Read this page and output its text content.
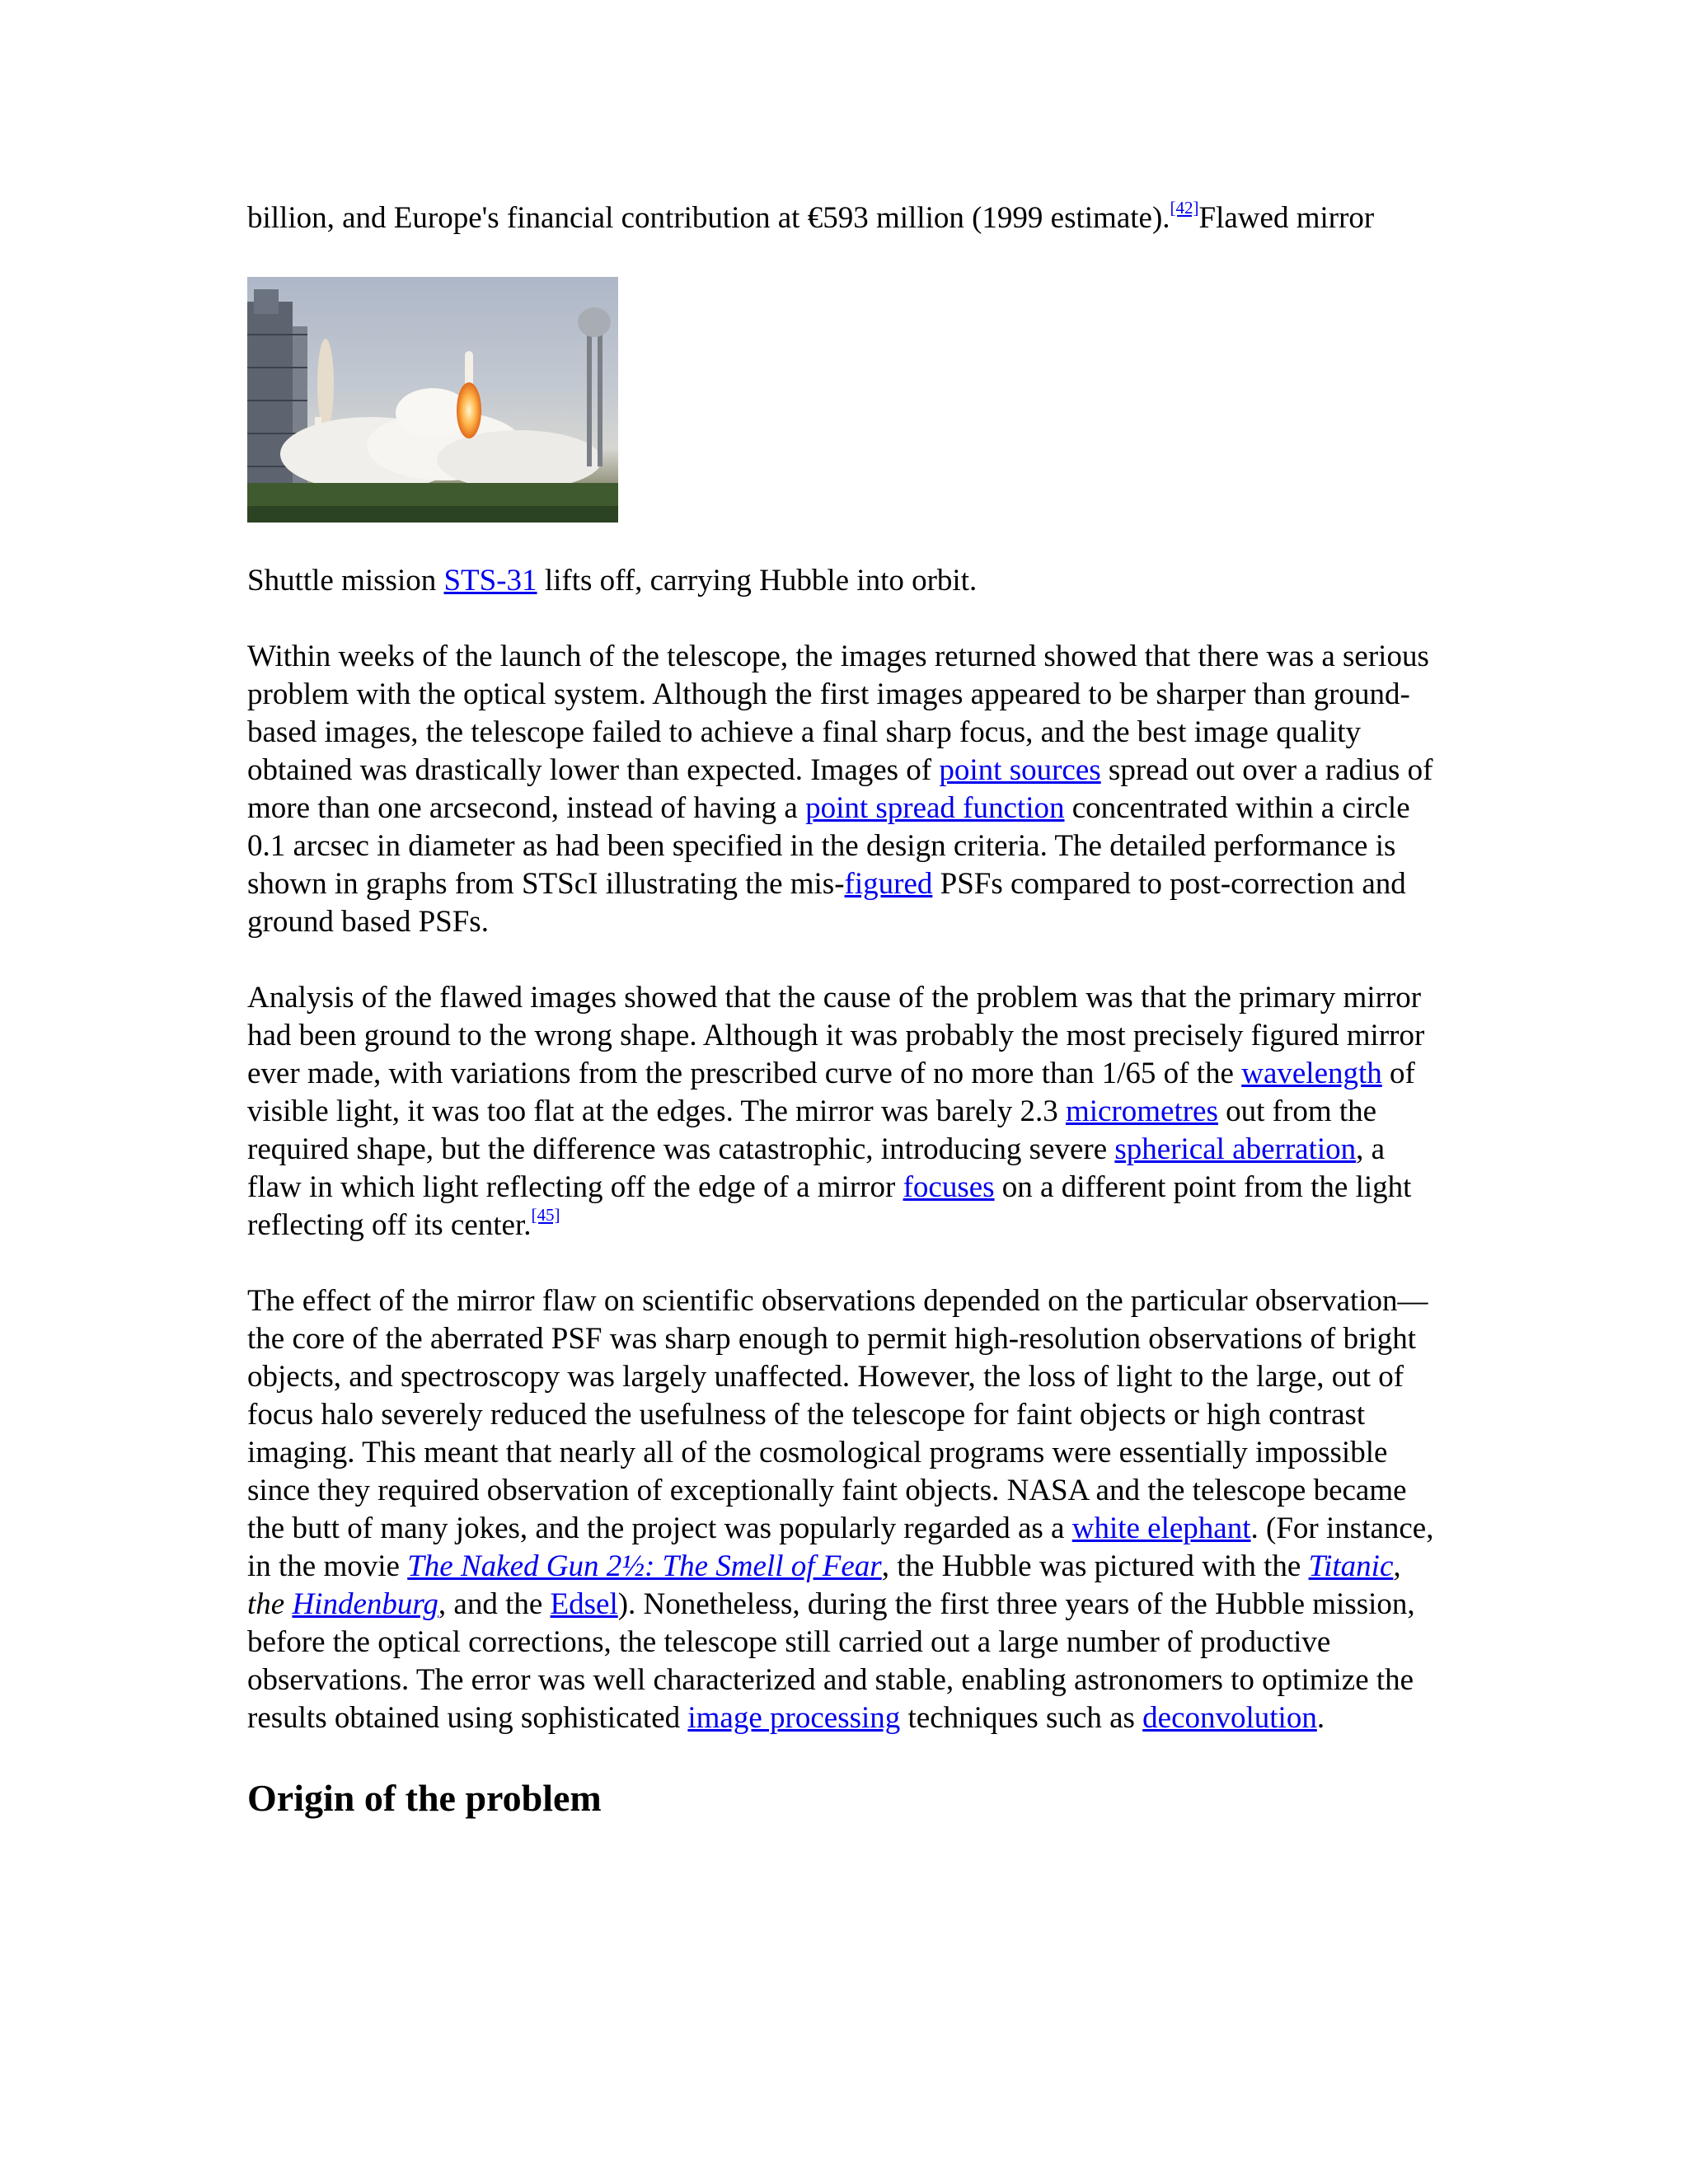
billion, and Europe's financial contribution at €593 million (1999 estimate).[42]Flawed mirror

Shuttle mission STS-31 lifts off, carrying Hubble into orbit.

Within weeks of the launch of the telescope, the images returned showed that there was a serious problem with the optical system. Although the first images appeared to be sharper than ground-based images, the telescope failed to achieve a final sharp focus, and the best image quality obtained was drastically lower than expected. Images of point sources spread out over a radius of more than one arcsecond, instead of having a point spread function concentrated within a circle 0.1 arcsec in diameter as had been specified in the design criteria. The detailed performance is shown in graphs from STScI illustrating the mis-figured PSFs compared to post-correction and ground based PSFs.

Analysis of the flawed images showed that the cause of the problem was that the primary mirror had been ground to the wrong shape. Although it was probably the most precisely figured mirror ever made, with variations from the prescribed curve of no more than 1/65 of the wavelength of visible light, it was too flat at the edges. The mirror was barely 2.3 micrometres out from the required shape, but the difference was catastrophic, introducing severe spherical aberration, a flaw in which light reflecting off the edge of a mirror focuses on a different point from the light reflecting off its center.[45]

The effect of the mirror flaw on scientific observations depended on the particular observation—the core of the aberrated PSF was sharp enough to permit high-resolution observations of bright objects, and spectroscopy was largely unaffected. However, the loss of light to the large, out of focus halo severely reduced the usefulness of the telescope for faint objects or high contrast imaging. This meant that nearly all of the cosmological programs were essentially impossible since they required observation of exceptionally faint objects. NASA and the telescope became the butt of many jokes, and the project was popularly regarded as a white elephant. (For instance, in the movie The Naked Gun 2½: The Smell of Fear, the Hubble was pictured with the Titanic, the Hindenburg, and the Edsel). Nonetheless, during the first three years of the Hubble mission, before the optical corrections, the telescope still carried out a large number of productive observations. The error was well characterized and stable, enabling astronomers to optimize the results obtained using sophisticated image processing techniques such as deconvolution.

Origin of the problem
